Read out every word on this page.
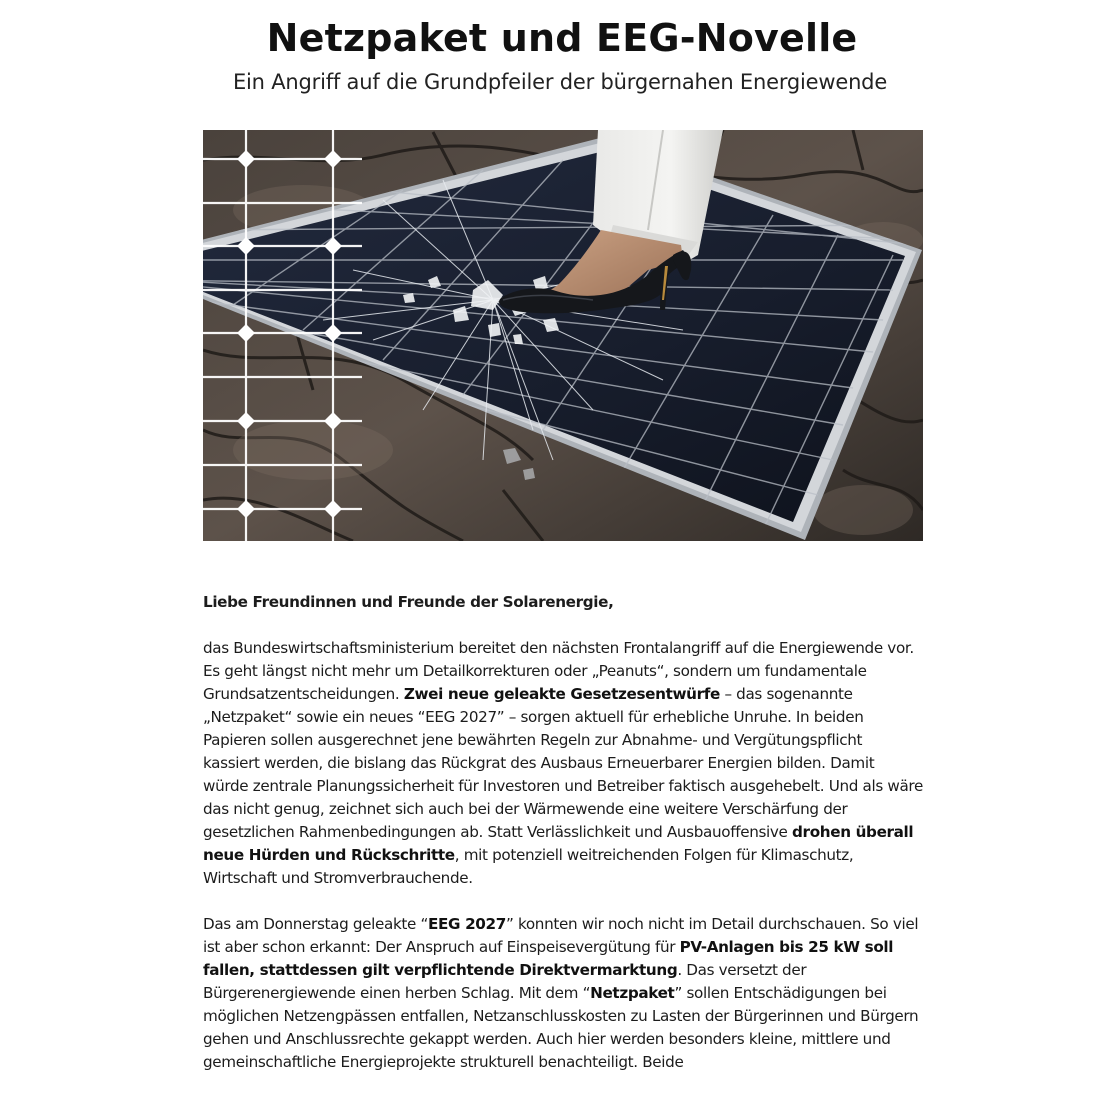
Netzpaket und EEG-Novelle
Ein Angriff auf die Grundpfeiler der bürgernahen Energiewende

Liebe Freundinnen und Freunde der Solarenergie,

das Bundeswirtschaftsministerium bereitet den nächsten Frontalangriff auf die Energiewende vor. Es geht längst nicht mehr um Detailkorrekturen oder „Peanuts“, sondern um fundamentale Grundsatzentscheidungen. Zwei neue geleakte Gesetzesentwürfe – das sogenannte „Netzpaket“ sowie ein neues “EEG 2027” – sorgen aktuell für erhebliche Unruhe. In beiden Papieren sollen ausgerechnet jene bewährten Regeln zur Abnahme- und Vergütungspflicht kassiert werden, die bislang das Rückgrat des Ausbaus Erneuerbarer Energien bilden. Damit würde zentrale Planungssicherheit für Investoren und Betreiber faktisch ausgehebelt. Und als wäre das nicht genug, zeichnet sich auch bei der Wärmewende eine weitere Verschärfung der gesetzlichen Rahmenbedingungen ab. Statt Verlässlichkeit und Ausbauoffensive drohen überall neue Hürden und Rückschritte, mit potenziell weitreichenden Folgen für Klimaschutz, Wirtschaft und Stromverbrauchende.

Das am Donnerstag geleakte “EEG 2027” konnten wir noch nicht im Detail durchschauen. So viel ist aber schon erkannt: Der Anspruch auf Einspeisevergütung für PV-Anlagen bis 25 kW soll fallen, stattdessen gilt verpflichtende Direktvermarktung. Das versetzt der Bürgerenergiewende einen herben Schlag. Mit dem “Netzpaket” sollen Entschädigungen bei möglichen Netzengpässen entfallen, Netzanschlusskosten zu Lasten der Bürgerinnen und Bürgern gehen und Anschlussrechte gekappt werden. Auch hier werden besonders kleine, mittlere und gemeinschaftliche Energieprojekte strukturell benachteiligt. Beide
